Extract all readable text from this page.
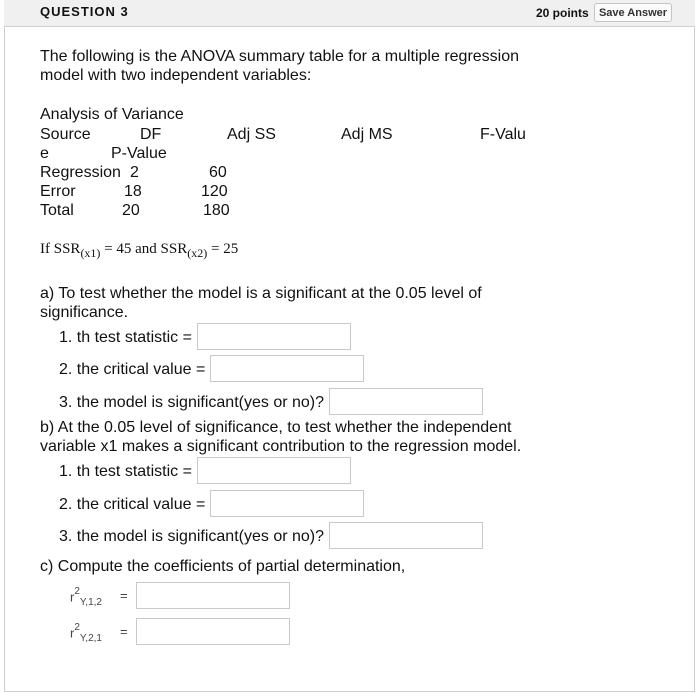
QUESTION 3	20 points Save Answer
The following is the ANOVA summary table for a multiple regression model with two independent variables:
Analysis of Variance
Source	DF	Adj SS	Adj MS	F-Valu
e	P-Value
Regression 2	60
Error	18	120
Total	20	180
If $SSR_{(x1)} = 45$ and $SSR_{(x2)} = 25$
a) To test whether the model is a significant at the 0.05 level of significance.
1. th test statistic =
2. the critical value =
3. the model is significant(yes or no)?
b) At the 0.05 level of significance, to test whether the independent variable x1 makes a significant contribution to the regression model.
1. th test statistic =
2. the critical value =
3. the model is significant(yes or no)?
c) Compute the coefficients of partial determination,
$r^2_{Y,1,2}$ =
$r^2_{Y,2,1}$ =
